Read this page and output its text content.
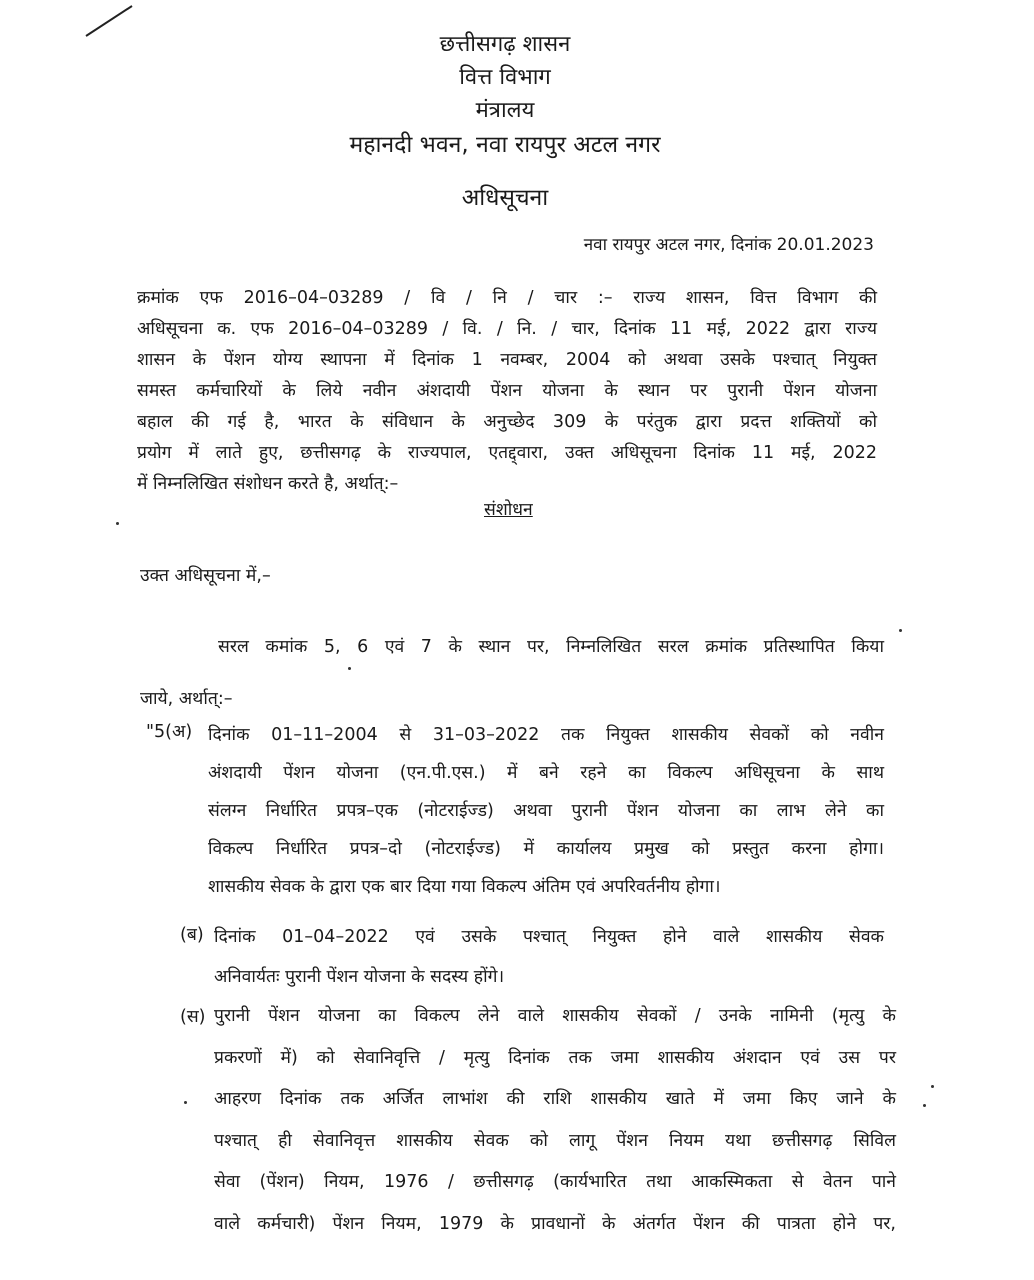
छत्तीसगढ़ शासन
वित्त विभाग
मंत्रालय
महानदी भवन, नवा रायपुर अटल नगर
अधिसूचना
नवा रायपुर अटल नगर, दिनांक 20.01.2023
क्रमांक एफ 2016–04–03289 / वि / नि / चार :– राज्य शासन, वित्त विभाग की
अधिसूचना क. एफ 2016–04–03289 / वि. / नि. / चार, दिनांक 11 मई, 2022 द्वारा राज्य
शासन के पेंशन योग्य स्थापना में दिनांक 1 नवम्बर, 2004 को अथवा उसके पश्चात् नियुक्त
समस्त कर्मचारियों के लिये नवीन अंशदायी पेंशन योजना के स्थान पर पुरानी पेंशन योजना
बहाल की गई है, भारत के संविधान के अनुच्छेद 309 के परंतुक द्वारा प्रदत्त शक्तियों को
प्रयोग में लाते हुए, छत्तीसगढ़ के राज्यपाल, एतद्द्वारा, उक्त अधिसूचना दिनांक 11 मई, 2022
में निम्नलिखित संशोधन करते है, अर्थात्:–
संशोधन
उक्त अधिसूचना में,–
सरल कमांक 5, 6 एवं 7 के स्थान पर, निम्नलिखित सरल क्रमांक प्रतिस्थापित किया
जाये, अर्थात्:–
"5(अ) दिनांक 01–11–2004 से 31–03–2022 तक नियुक्त शासकीय सेवकों को नवीन
अंशदायी पेंशन योजना (एन.पी.एस.) में बने रहने का विकल्प अधिसूचना के साथ
संलग्न निर्धारित प्रपत्र–एक (नोटराईज्ड) अथवा पुरानी पेंशन योजना का लाभ लेने का
विकल्प निर्धारित प्रपत्र–दो (नोटराईज्ड) में कार्यालय प्रमुख को प्रस्तुत करना होगा।
शासकीय सेवक के द्वारा एक बार दिया गया विकल्प अंतिम एवं अपरिवर्तनीय होगा।
(ब) दिनांक 01–04–2022 एवं उसके पश्चात् नियुक्त होने वाले शासकीय सेवक
अनिवार्यतः पुरानी पेंशन योजना के सदस्य होंगे।
(स) पुरानी पेंशन योजना का विकल्प लेने वाले शासकीय सेवकों / उनके नामिनी (मृत्यु के
प्रकरणों में) को सेवानिवृत्ति / मृत्यु दिनांक तक जमा शासकीय अंशदान एवं उस पर
आहरण दिनांक तक अर्जित लाभांश की राशि शासकीय खाते में जमा किए जाने के
पश्चात् ही सेवानिवृत्त शासकीय सेवक को लागू पेंशन नियम यथा छत्तीसगढ़ सिविल
सेवा (पेंशन) नियम, 1976 / छत्तीसगढ़ (कार्यभारित तथा आकस्मिकता से वेतन पाने
वाले कर्मचारी) पेंशन नियम, 1979 के प्रावधानों के अंतर्गत पेंशन की पात्रता होने पर,
